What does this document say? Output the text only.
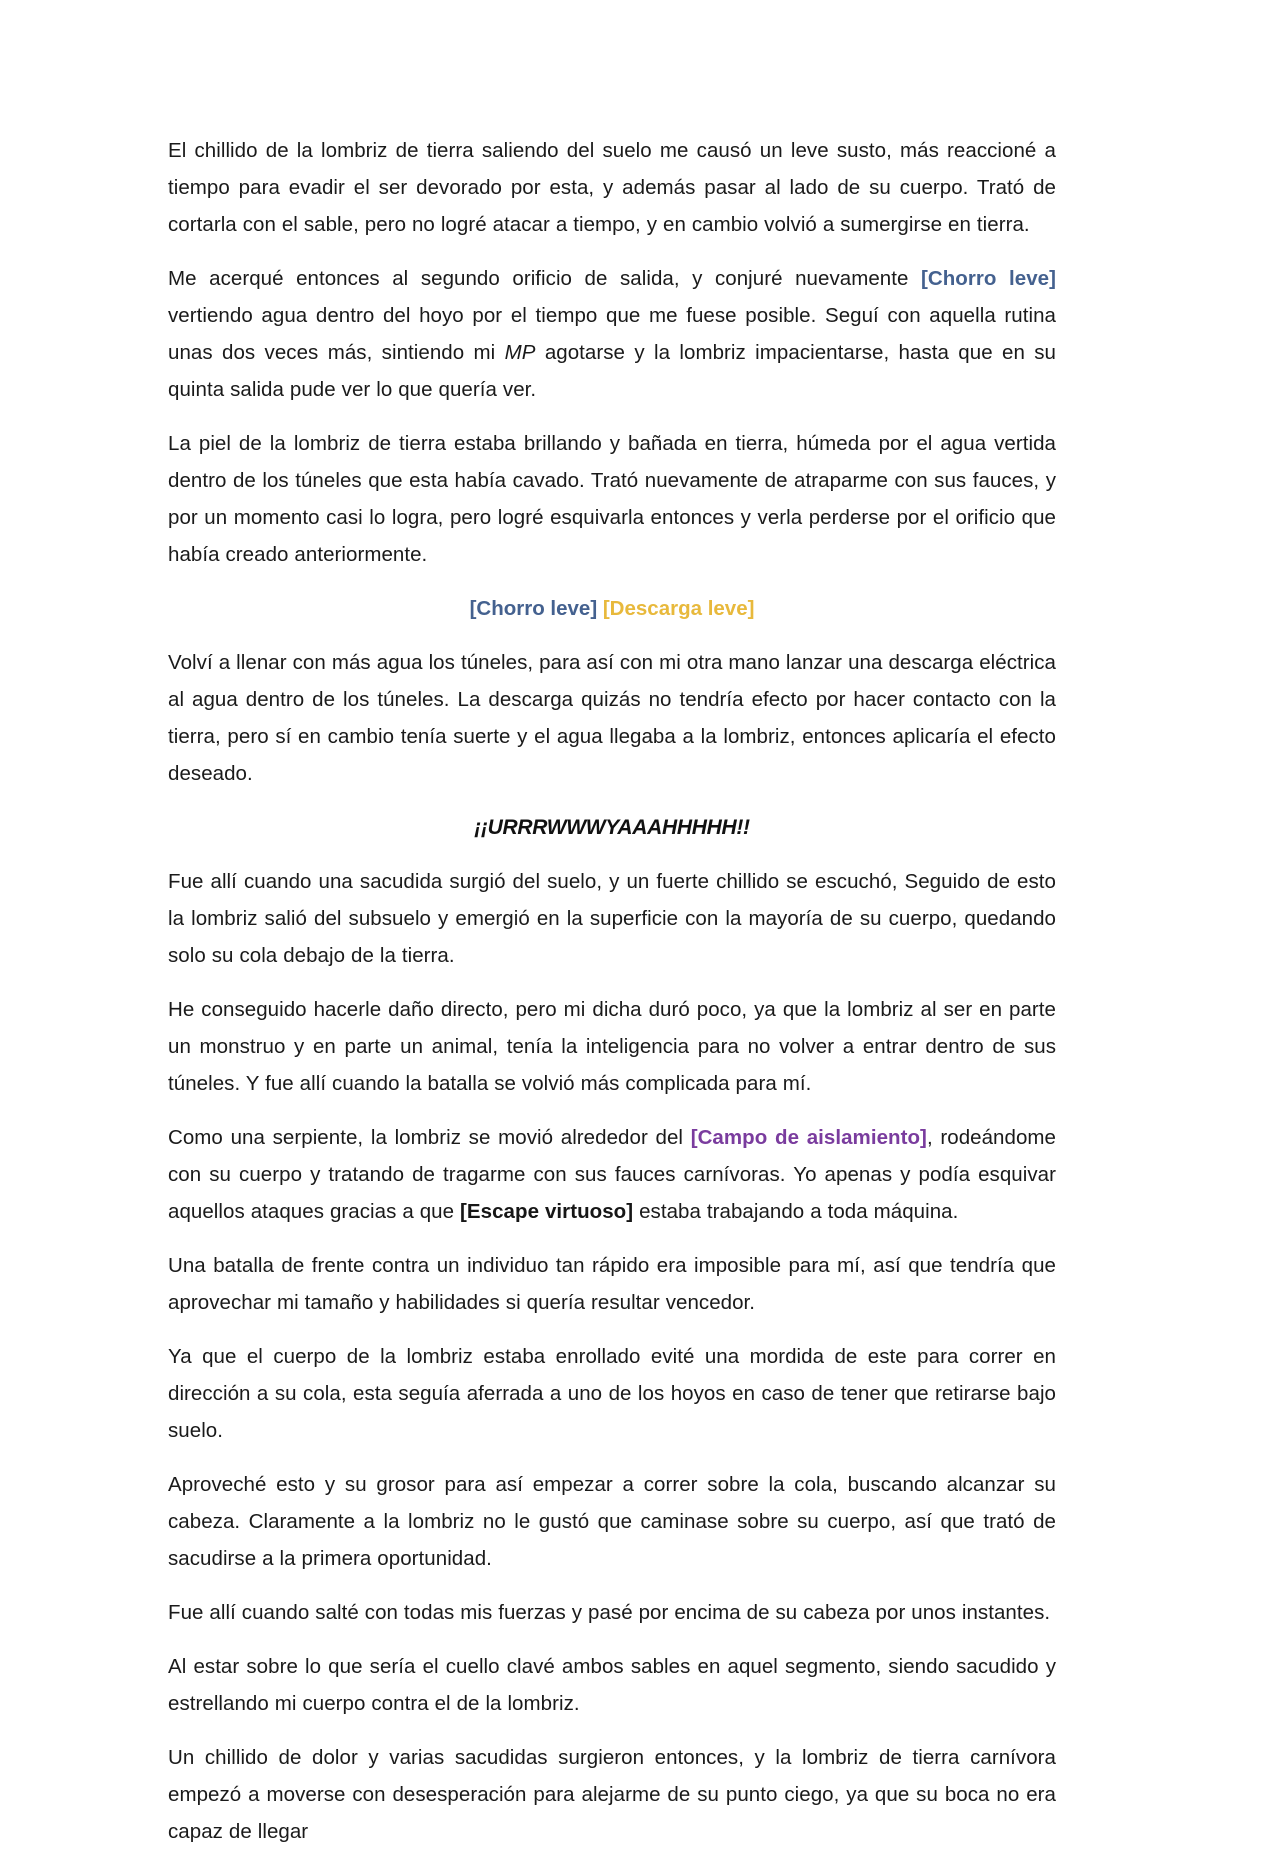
El chillido de la lombriz de tierra saliendo del suelo me causó un leve susto, más reaccioné a tiempo para evadir el ser devorado por esta, y además pasar al lado de su cuerpo. Trató de cortarla con el sable, pero no logré atacar a tiempo, y en cambio volvió a sumergirse en tierra.

Me acerqué entonces al segundo orificio de salida, y conjuré nuevamente [Chorro leve] vertiendo agua dentro del hoyo por el tiempo que me fuese posible. Seguí con aquella rutina unas dos veces más, sintiendo mi MP agotarse y la lombriz impacientarse, hasta que en su quinta salida pude ver lo que quería ver.

La piel de la lombriz de tierra estaba brillando y bañada en tierra, húmeda por el agua vertida dentro de los túneles que esta había cavado. Trató nuevamente de atraparme con sus fauces, y por un momento casi lo logra, pero logré esquivarla entonces y verla perderse por el orificio que había creado anteriormente.

[Chorro leve] [Descarga leve]

Volví a llenar con más agua los túneles, para así con mi otra mano lanzar una descarga eléctrica al agua dentro de los túneles. La descarga quizás no tendría efecto por hacer contacto con la tierra, pero sí en cambio tenía suerte y el agua llegaba a la lombriz, entonces aplicaría el efecto deseado.

¡¡URRRWWWYAAAHHHHH!!

Fue allí cuando una sacudida surgió del suelo, y un fuerte chillido se escuchó, Seguido de esto la lombriz salió del subsuelo y emergió en la superficie con la mayoría de su cuerpo, quedando solo su cola debajo de la tierra.

He conseguido hacerle daño directo, pero mi dicha duró poco, ya que la lombriz al ser en parte un monstruo y en parte un animal, tenía la inteligencia para no volver a entrar dentro de sus túneles. Y fue allí cuando la batalla se volvió más complicada para mí.

Como una serpiente, la lombriz se movió alrededor del [Campo de aislamiento], rodeándome con su cuerpo y tratando de tragarme con sus fauces carnívoras. Yo apenas y podía esquivar aquellos ataques gracias a que [Escape virtuoso] estaba trabajando a toda máquina.

Una batalla de frente contra un individuo tan rápido era imposible para mí, así que tendría que aprovechar mi tamaño y habilidades si quería resultar vencedor.

Ya que el cuerpo de la lombriz estaba enrollado evité una mordida de este para correr en dirección a su cola, esta seguía aferrada a uno de los hoyos en caso de tener que retirarse bajo suelo.

Aproveché esto y su grosor para así empezar a correr sobre la cola, buscando alcanzar su cabeza. Claramente a la lombriz no le gustó que caminase sobre su cuerpo, así que trató de sacudirse a la primera oportunidad.

Fue allí cuando salté con todas mis fuerzas y pasé por encima de su cabeza por unos instantes.

Al estar sobre lo que sería el cuello clavé ambos sables en aquel segmento, siendo sacudido y estrellando mi cuerpo contra el de la lombriz.

Un chillido de dolor y varias sacudidas surgieron entonces, y la lombriz de tierra carnívora empezó a moverse con desesperación para alejarme de su punto ciego, ya que su boca no era capaz de llegar
